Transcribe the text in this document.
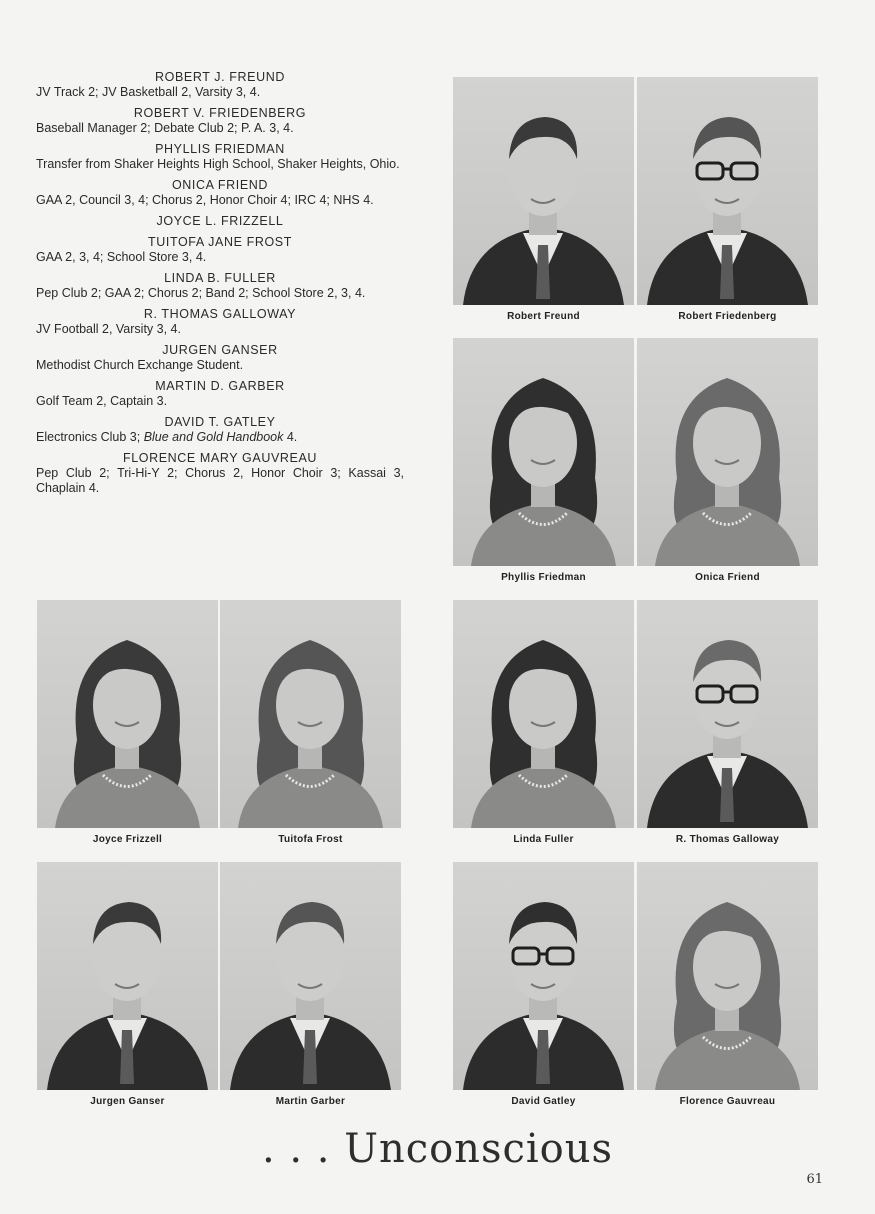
ROBERT J. FREUND
JV Track 2; JV Basketball 2, Varsity 3, 4.
ROBERT V. FRIEDENBERG
Baseball Manager 2; Debate Club 2; P. A. 3, 4.
PHYLLIS FRIEDMAN
Transfer from Shaker Heights High School, Shaker Heights, Ohio.
ONICA FRIEND
GAA 2, Council 3, 4; Chorus 2, Honor Choir 4; IRC 4; NHS 4.
JOYCE L. FRIZZELL
TUITOFA JANE FROST
GAA 2, 3, 4; School Store 3, 4.
LINDA B. FULLER
Pep Club 2; GAA 2; Chorus 2; Band 2; School Store 2, 3, 4.
R. THOMAS GALLOWAY
JV Football 2, Varsity 3, 4.
JURGEN GANSER
Methodist Church Exchange Student.
MARTIN D. GARBER
Golf Team 2, Captain 3.
DAVID T. GATLEY
Electronics Club 3; Blue and Gold Handbook 4.
FLORENCE MARY GAUVREAU
Pep Club 2; Tri-Hi-Y 2; Chorus 2, Honor Choir 3; Kassai 3, Chaplain 4.
Robert Freund	Robert Friedenberg
Phyllis Friedman	Onica Friend
Joyce Frizzell	Tuitofa Frost	Linda Fuller	R. Thomas Galloway
Jurgen Ganser	Martin Garber	David Gatley	Florence Gauvreau
. . . Unconscious
61
